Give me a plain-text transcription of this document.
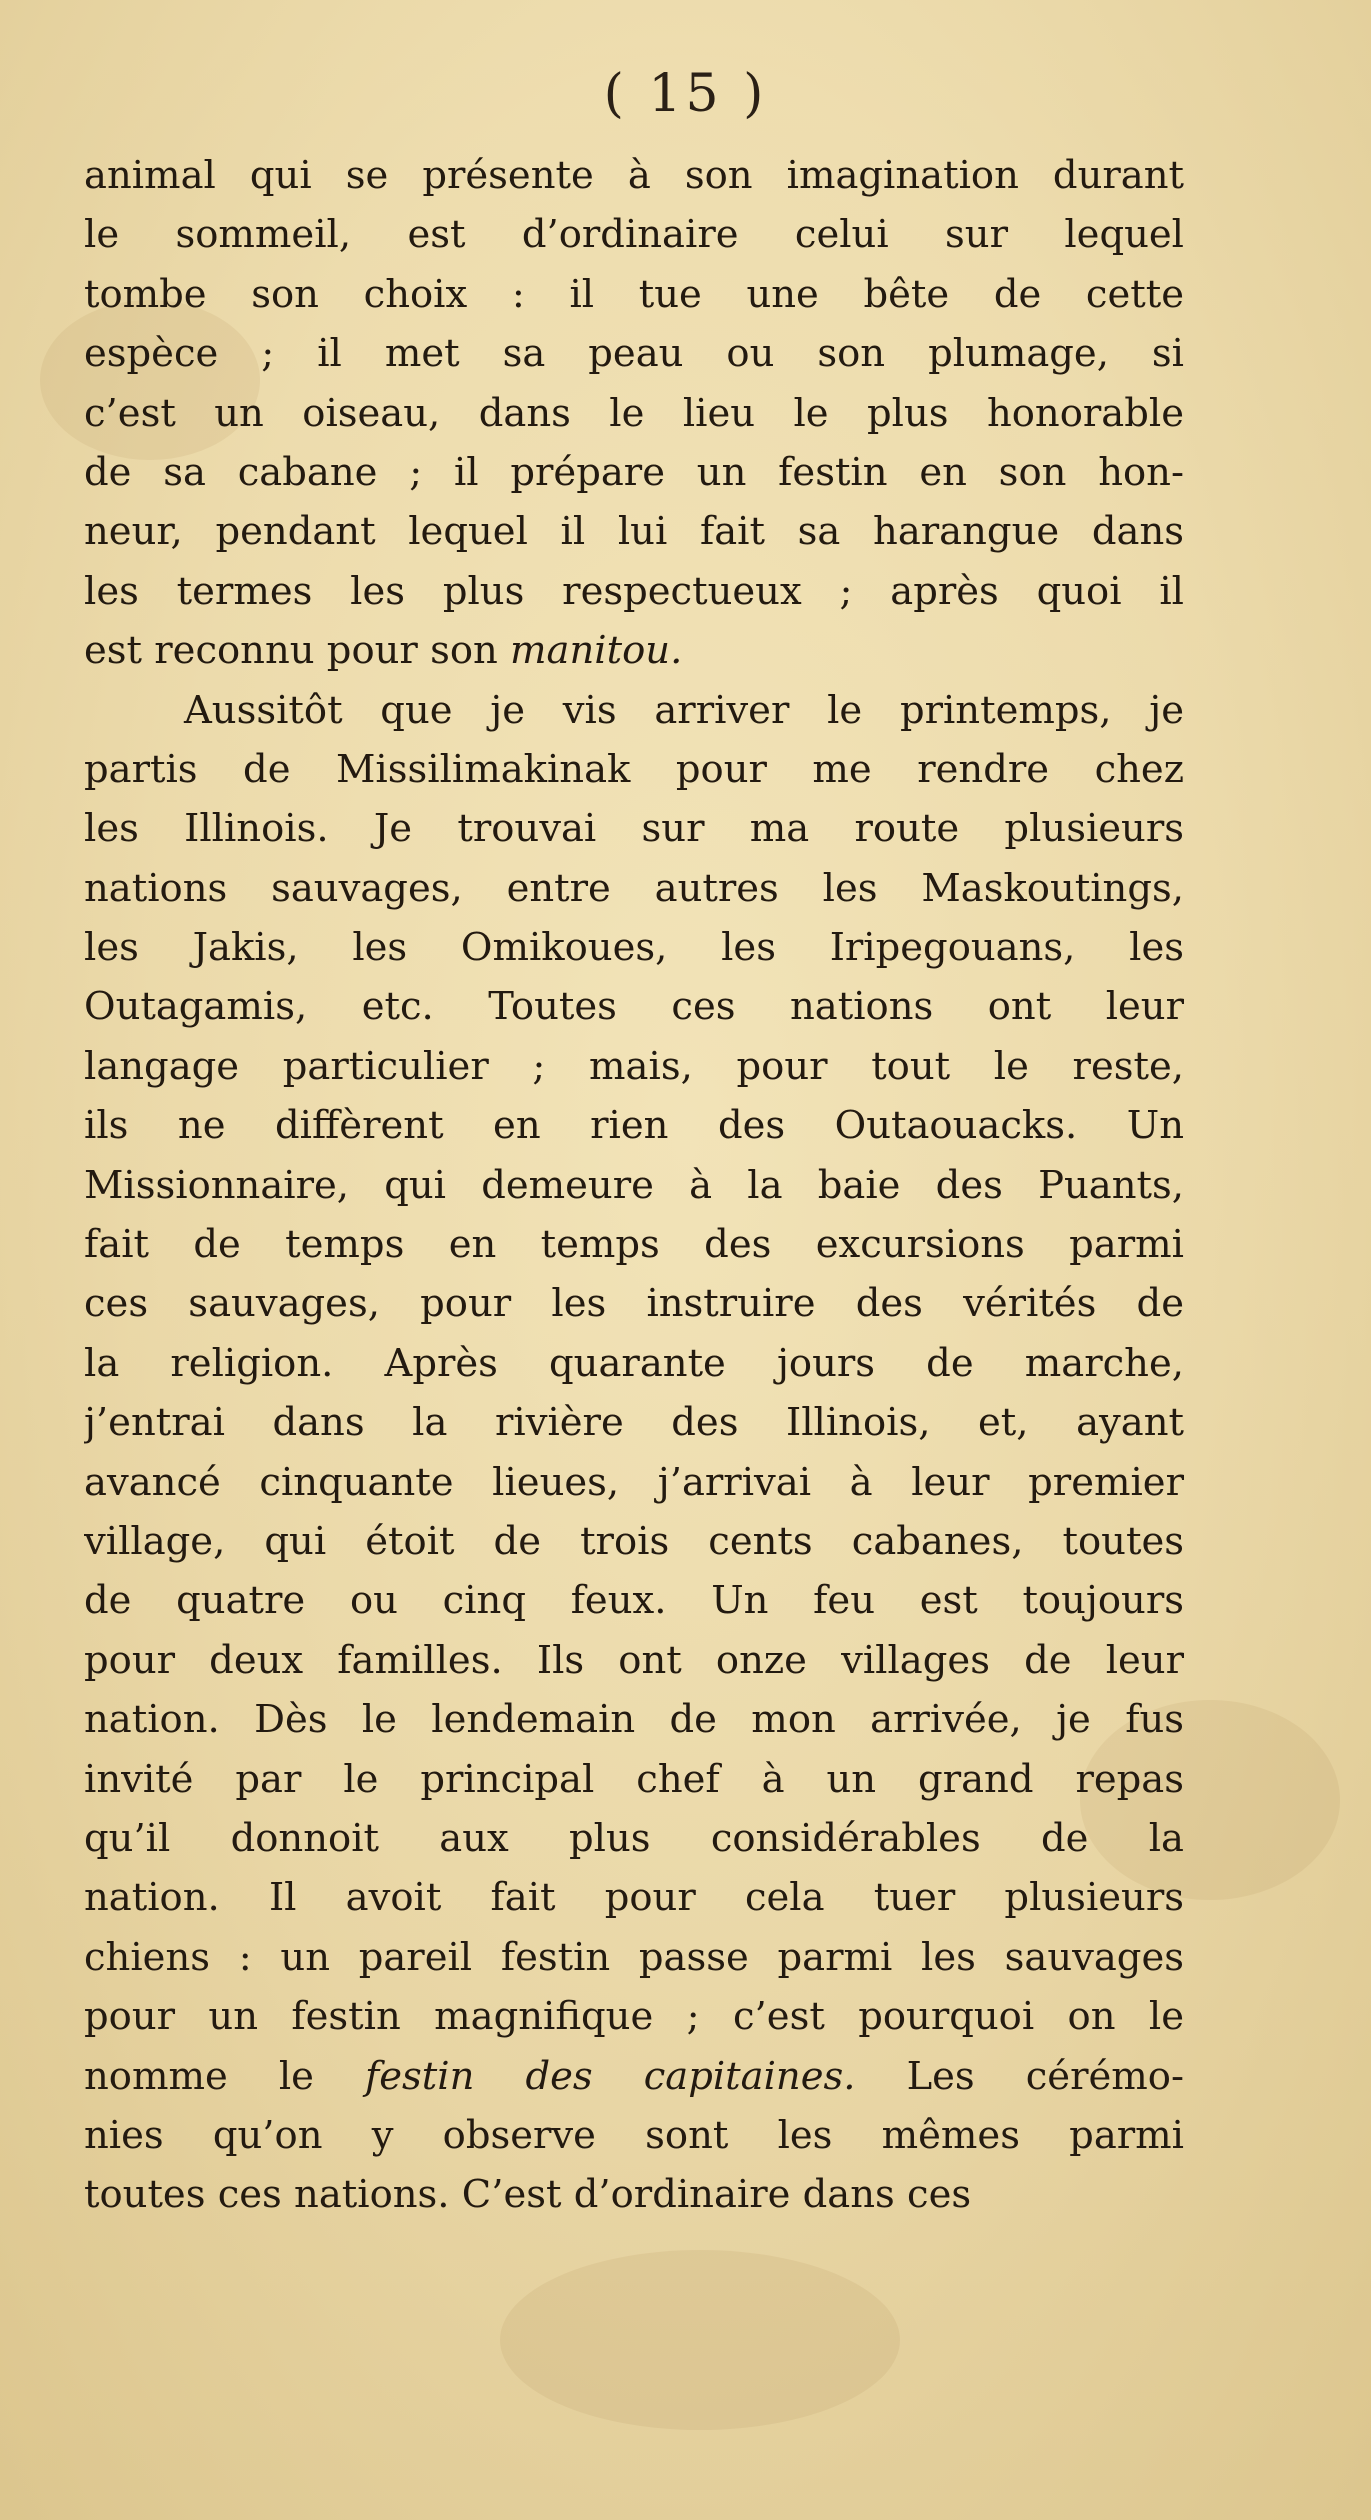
( 15 )
animal qui se présente à son imagination durant
le sommeil, est d’ordinaire celui sur lequel
tombe son choix : il tue une bête de cette
espèce ; il met sa peau ou son plumage, si
c’est un oiseau, dans le lieu le plus honorable
de sa cabane ; il prépare un festin en son hon-
neur, pendant lequel il lui fait sa harangue dans
les termes les plus respectueux ; après quoi il
est reconnu pour son manitou.
Aussitôt que je vis arriver le printemps, je
partis de Missilimakinak pour me rendre chez
les Illinois. Je trouvai sur ma route plusieurs
nations sauvages, entre autres les Maskoutings,
les Jakis, les Omikoues, les Iripegouans, les
Outagamis, etc. Toutes ces nations ont leur
langage particulier ; mais, pour tout le reste,
ils ne diffèrent en rien des Outaouacks. Un
Missionnaire, qui demeure à la baie des Puants,
fait de temps en temps des excursions parmi
ces sauvages, pour les instruire des vérités de
la religion. Après quarante jours de marche,
j’entrai dans la rivière des Illinois, et, ayant
avancé cinquante lieues, j’arrivai à leur premier
village, qui étoit de trois cents cabanes, toutes
de quatre ou cinq feux. Un feu est toujours
pour deux familles. Ils ont onze villages de leur
nation. Dès le lendemain de mon arrivée, je fus
invité par le principal chef à un grand repas
qu’il donnoit aux plus considérables de la
nation. Il avoit fait pour cela tuer plusieurs
chiens : un pareil festin passe parmi les sauvages
pour un festin magnifique ; c’est pourquoi on le
nomme le festin des capitaines. Les cérémo-
nies qu’on y observe sont les mêmes parmi
toutes ces nations. C’est d’ordinaire dans ces
